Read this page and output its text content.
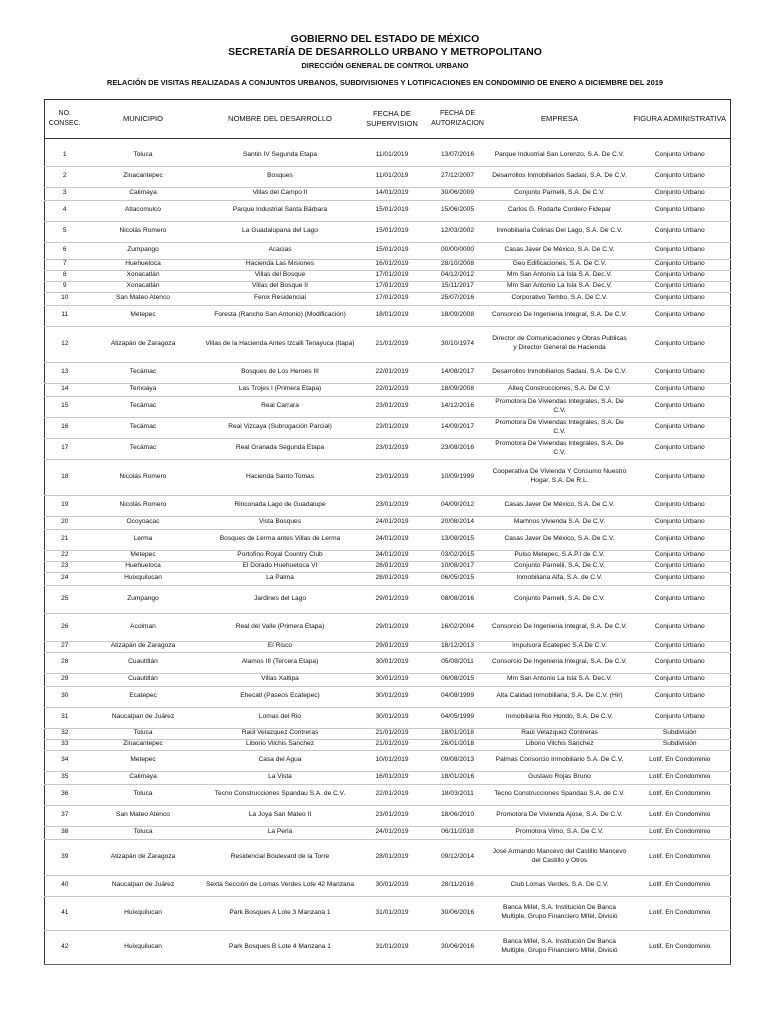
GOBIERNO DEL ESTADO DE MÉXICO
SECRETARÍA DE DESARROLLO URBANO Y METROPOLITANO
DIRECCIÓN GENERAL DE CONTROL URBANO
RELACIÓN DE VISITAS REALIZADAS A CONJUNTOS URBANOS, SUBDIVISIONES Y LOTIFICACIONES EN CONDOMINIO DE ENERO A DICIEMBRE DEL 2019
NO. CONSEC.	MUNICIPIO	NOMBRE DEL DESARROLLO	FECHA DE SUPERVISION	FECHA DE AUTORIZACION	EMPRESA	FIGURA ADMINISTRATIVA

1	Toluca	Santin IV Segunda Etapa	11/01/2019	13/07/2016	Parque Industrial San Lorenzo, S.A. De C.V.	Conjunto Urbano
2	Zinacantepec	Bosques	11/01/2019	27/12/2007	Desarrollos Inmobiliarios Sadasi, S.A. De C.V.	Conjunto Urbano
3	Calimaya	Villas del Campo II	14/01/2019	30/06/2009	Conjunto Parnelli, S.A. De C.V.	Conjunto Urbano
4	Atlacomulco	Parque Industrial Santa Bárbara	15/01/2019	15/06/2005	Carlos G. Rodarte Cordero Fidepar	Conjunto Urbano
5	Nicolás Romero	La Guadalupana del Lago	15/01/2019	12/03/2002	Inmobiliaria Colinas Del Lago, S.A. De C.V.	Conjunto Urbano
6	Zumpango	Acacias	15/01/2019	00/00/0000	Casas Javer De México, S.A. De C.V.	Conjunto Urbano
7	Huehuetoca	Hacienda Las Misiones	16/01/2019	28/10/2008	Geo Edificaciones, S.A. De C.V.	Conjunto Urbano
8	Xonacatlán	Villas del Bosque	17/01/2019	04/12/2012	Mm San Antonio La Isla S.A. Dec.V.	Conjunto Urbano
9	Xonacatlán	Villas del Bosque II	17/01/2019	15/11/2017	Mm San Antonio La Isla S.A. Dec.V.	Conjunto Urbano
10	San Mateo Atenco	Fenix Residencial	17/01/2019	25/07/2016	Corporativo Tembo, S.A. De C.V.	Conjunto Urbano
11	Metepec	Foresta (Rancho San Antonio) (Modificación)	18/01/2019	18/09/2008	Consorcio De Ingenieria Integral, S.A. De C.V.	Conjunto Urbano
12	Atizapán de Zaragoza	Villas de la Hacienda Antes Izcalli Tenayuca (Itapa)	21/01/2019	30/10/1974	Director de Comunicaciones y Obras Publicas y Director General de Hacienda	Conjunto Urbano
13	Tecámac	Bosques de Los Heroes III	22/01/2019	14/08/2017	Desarrollos Inmobiliarios Sadasi, S.A. De C.V.	Conjunto Urbano
14	Temoaya	Las Trojes I (Primera Etapa)	22/01/2019	18/09/2008	Alteq Construcciones, S.A. De C.V.	Conjunto Urbano
15	Tecámac	Real Carrara	23/01/2019	14/12/2016	Promotora De Viviendas Integrales, S.A. De C.V.	Conjunto Urbano
16	Tecámac	Real Vizcaya (Subrogación Parcial)	23/01/2019	14/09/2017	Promotora De Viviendas Integrales, S.A. De C.V.	Conjunto Urbano
17	Tecámac	Real Granada Segunda Etapa	23/01/2019	23/08/2016	Promotora De Viviendas Integrales, S.A. De C.V.	Conjunto Urbano
18	Nicolás Romero	Hacienda Santo Tomas	23/01/2019	10/09/1999	Cooperativa De Vivienda Y Consumo Nuestro Hogar, S.A. De R.L.	Conjunto Urbano
19	Nicolás Romero	Rinconada Lago de Guadalupe	23/01/2019	04/09/2012	Casas Javer De México, S.A. De C.V.	Conjunto Urbano
20	Ocoyoacac	Vista Bosques	24/01/2019	20/08/2014	Marhnos Vivienda S.A. De C.V.	Conjunto Urbano
21	Lerma	Bosques de Lerma antes Villas de Lerma	24/01/2019	13/08/2015	Casas Javer De México, S.A. De C.V.	Conjunto Urbano
22	Metepec	Portofino Royal Country Club	24/01/2019	03/02/2015	Pulso Metepec, S.A.P.I de C.V.	Conjunto Urbano
23	Huehuetoca	El Dorado Huehuetoca VI	28/01/2019	10/08/2017	Conjunto Parnelli, S.A. De C.V.	Conjunto Urbano
24	Huixquilucan	La Palma	28/01/2019	06/05/2015	Inmobiliaria Alfa, S.A. de C.V.	Conjunto Urbano
25	Zumpango	Jardines del Lago	29/01/2019	08/08/2016	Conjunto Parnelli, S.A. De C.V.	Conjunto Urbano
26	Acolman	Real del Valle (Primera Etapa)	29/01/2019	16/02/2004	Consorcio De Ingenieria Integral, S.A. De C.V.	Conjunto Urbano
27	Atizapán de Zaragoza	El Risco	29/01/2019	18/12/2013	Impulsora Ecatepec S.A De C.V.	Conjunto Urbano
28	Cuautitlán	Alamos III (Tercera Etapa)	30/01/2019	05/08/2011	Consorcio De Ingenieria Integral, S.A. De C.V.	Conjunto Urbano
29	Cuautitlán	Villas Xaltipa	30/01/2019	06/08/2015	Mm San Antonio La Isla S.A. Dec.V.	Conjunto Urbano
30	Ecatepec	Ehecatl (Paseos Ecatepec)	30/01/2019	04/08/1999	Alta Calidad Inmobiliaria, S.A. De C.V. (Hir)	Conjunto Urbano
31	Naucalpan de Juárez	Lomas del Rio	30/01/2019	04/05/1999	Inmobiliaria Rio Hondo, S.A. De C.V.	Conjunto Urbano
32	Toluca	Raúl Velazquez Contreras	21/01/2019	18/01/2018	Raúl Velazquez Contreras	Subdivisión
33	Zinacantepec	Liborio Vilchis Sanchez	21/01/2019	26/01/2018	Liborio Vilchis Sanchez	Subdivisión
34	Metepec	Casa del Agua	10/01/2019	09/08/2013	Palmas Consorcio Inmobiliario S.A. De C.V.	Lotif. En Condominio
35	Calimaya	La Vista	16/01/2019	18/01/2016	Gustavo Rojas Bruno	Lotif. En Condominio
36	Toluca	Tecno Construcciones Spandau S.A. de C.V.	22/01/2019	18/03/2011	Tecno Construcciones Spandau S.A. de C.V.	Lotif. En Condominio
37	San Mateo Atenco	La Joya San Mateo II	23/01/2019	18/06/2010	Promotora De Vivienda Ajose, S.A. De C.V.	Lotif. En Condominio
38	Toluca	La Perla	24/01/2019	06/11/2018	Promotora Vimo, S.A. De C.V.	Lotif. En Condominio
39	Atizapán de Zaragoza	Residencial Boulevard de la Torre	28/01/2019	09/12/2014	José Armando Mancevo del Castillo Mancevo del Castillo y Otros	Lotif. En Condominio
40	Naucalpan de Juárez	Sexta Sección de Lomas Verdes Lote 42 Manzana	30/01/2019	28/11/2016	Club Lomas Verdes, S.A. De C.V.	Lotif. En Condominio
41	Huixquilucan	Park Bosques A Lote 3 Manzana 1	31/01/2019	30/06/2016	Banca Mifel, S.A. Institución De Banca Multiple, Grupo Financiero Mifel, Divisió	Lotif. En Condominio
42	Huixquilucan	Park Bosques B Lote 4 Manzana 1	31/01/2019	30/06/2016	Banca Mifel, S.A. Institución De Banca Multiple, Grupo Financiero Mifel, Divisió	Lotif. En Condominio
